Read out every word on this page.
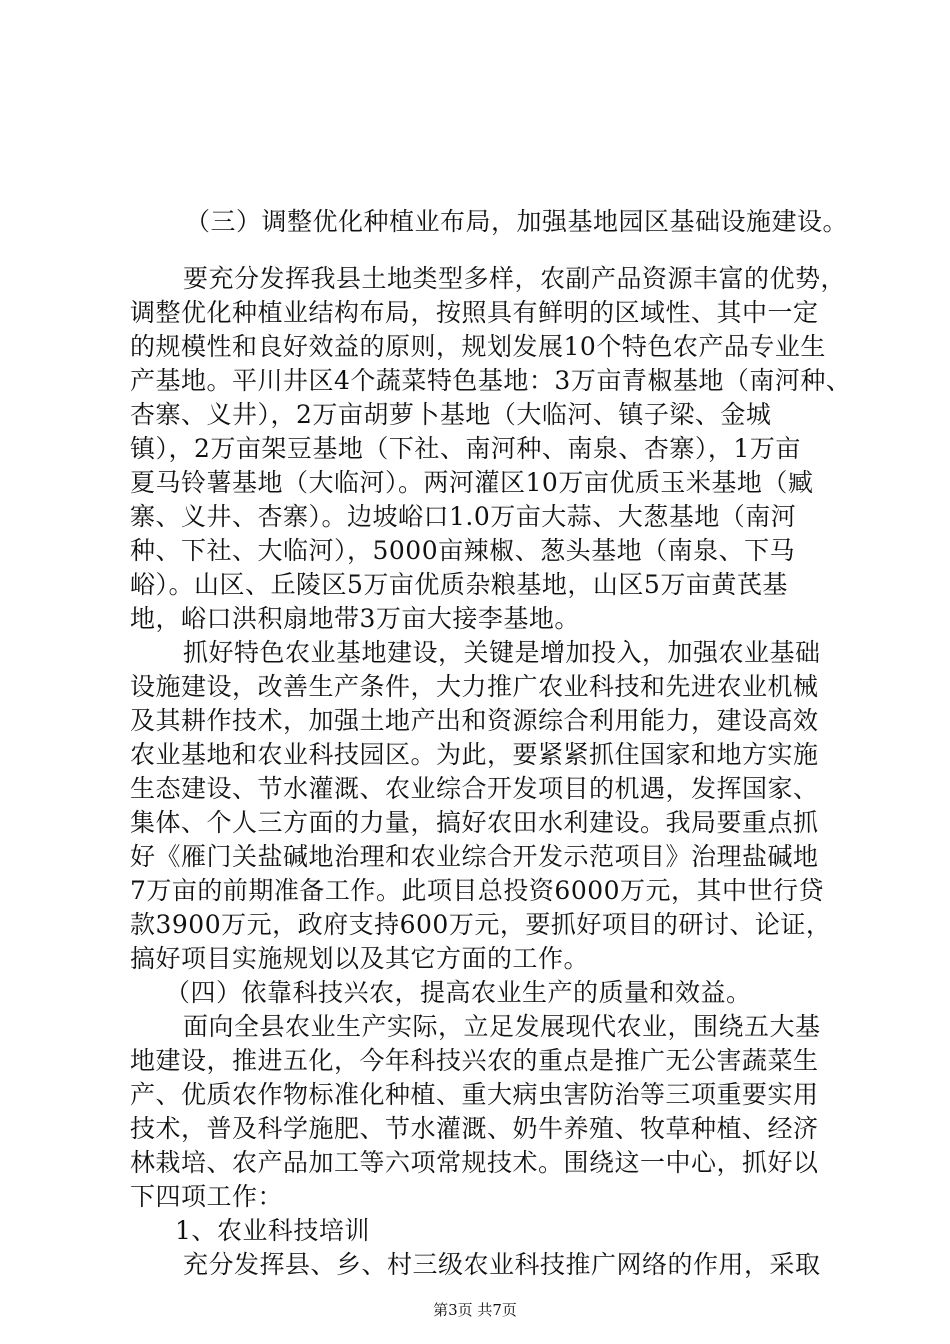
（三）调整优化种植业布局，加强基地园区基础设施建设。
要充分发挥我县土地类型多样，农副产品资源丰富的优势，
调整优化种植业结构布局，按照具有鲜明的区域性、其中一定
的规模性和良好效益的原则，规划发展10个特色农产品专业生
产基地。平川井区4个蔬菜特色基地：3万亩青椒基地（南河种、
杏寨、义井），2万亩胡萝卜基地（大临河、镇子梁、金城
镇），2万亩架豆基地（下社、南河种、南泉、杏寨），1万亩
夏马铃薯基地（大临河）。两河灌区10万亩优质玉米基地（臧
寨、义井、杏寨）。边坡峪口1.0万亩大蒜、大葱基地（南河
种、下社、大临河），5000亩辣椒、葱头基地（南泉、下马
峪）。山区、丘陵区5万亩优质杂粮基地，山区5万亩黄芪基
地，峪口洪积扇地带3万亩大接李基地。
抓好特色农业基地建设，关键是增加投入，加强农业基础
设施建设，改善生产条件，大力推广农业科技和先进农业机械
及其耕作技术，加强土地产出和资源综合利用能力，建设高效
农业基地和农业科技园区。为此，要紧紧抓住国家和地方实施
生态建设、节水灌溉、农业综合开发项目的机遇，发挥国家、
集体、个人三方面的力量，搞好农田水利建设。我局要重点抓
好《雁门关盐碱地治理和农业综合开发示范项目》治理盐碱地
7万亩的前期准备工作。此项目总投资6000万元，其中世行贷
款3900万元，政府支持600万元，要抓好项目的研讨、论证，
搞好项目实施规划以及其它方面的工作。
（四）依靠科技兴农，提高农业生产的质量和效益。
面向全县农业生产实际，立足发展现代农业，围绕五大基
地建设，推进五化，今年科技兴农的重点是推广无公害蔬菜生
产、优质农作物标准化种植、重大病虫害防治等三项重要实用
技术，普及科学施肥、节水灌溉、奶牛养殖、牧草种植、经济
林栽培、农产品加工等六项常规技术。围绕这一中心，抓好以
下四项工作：
1、农业科技培训
充分发挥县、乡、村三级农业科技推广网络的作用，采取
第3页 共7页
